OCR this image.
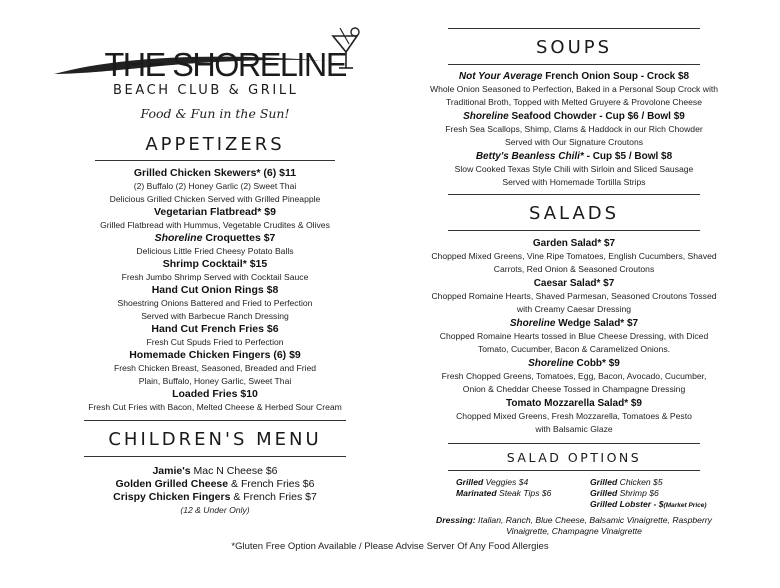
THE SHORELINE
BEACH CLUB & GRILL
Food & Fun in the Sun!
APPETIZERS
Grilled Chicken Skewers* (6) $11
(2) Buffalo (2) Honey Garlic (2) Sweet Thai
Delicious Grilled Chicken Served with Grilled Pineapple
Vegetarian Flatbread* $9
Grilled Flatbread with Hummus, Vegetable Crudites & Olives
Shoreline Croquettes $7
Delicious Little Fried Cheesy Potato Balls
Shrimp Cocktail* $15
Fresh Jumbo Shrimp Served with Cocktail Sauce
Hand Cut Onion Rings $8
Shoestring Onions Battered and Fried to Perfection
Served with Barbecue Ranch Dressing
Hand Cut French Fries $6
Fresh Cut Spuds Fried to Perfection
Homemade Chicken Fingers (6) $9
Fresh Chicken Breast, Seasoned, Breaded and Fried
Plain, Buffalo, Honey Garlic, Sweet Thai
Loaded Fries $10
Fresh Cut Fries with Bacon, Melted Cheese & Herbed Sour Cream
CHILDREN'S MENU
Jamie's Mac N Cheese $6
Golden Grilled Cheese & French Fries $6
Crispy Chicken Fingers & French Fries $7
(12 & Under Only)
SOUPS
Not Your Average French Onion Soup - Crock $8
Whole Onion Seasoned to Perfection, Baked in a Personal Soup Crock with
Traditional Broth, Topped with Melted Gruyere & Provolone Cheese
Shoreline Seafood Chowder - Cup $6 / Bowl $9
Fresh Sea Scallops, Shimp, Clams & Haddock in our Rich Chowder
Served with Our Signature Croutons
Betty's Beanless Chili* - Cup $5 / Bowl $8
Slow Cooked Texas Style Chili with Sirloin and Sliced Sausage
Served with Homemade Tortilla Strips
SALADS
Garden Salad* $7
Chopped Mixed Greens, Vine Ripe Tomatoes, English Cucumbers, Shaved
Carrots, Red Onion & Seasoned Croutons
Caesar Salad* $7
Chopped Romaine Hearts, Shaved Parmesan, Seasoned Croutons Tossed
with Creamy Caesar Dressing
Shoreline Wedge Salad* $7
Chopped Romaine Hearts tossed in Blue Cheese Dressing, with Diced
Tomato, Cucumber, Bacon & Caramelized Onions.
Shoreline Cobb* $9
Fresh Chopped Greens, Tomatoes, Egg, Bacon, Avocado, Cucumber,
Onion & Cheddar Cheese Tossed in Champagne Dressing
Tomato Mozzarella Salad* $9
Chopped Mixed Greens, Fresh Mozzarella, Tomatoes & Pesto
with Balsamic Glaze
SALAD OPTIONS
Grilled Veggies $4
Marinated Steak Tips $6
Grilled Chicken $5
Grilled Shrimp $6
Grilled Lobster - $(Market Price)
Dressing: Italian, Ranch, Blue Cheese, Balsamic Vinaigrette, Raspberry
Vinaigrette, Champagne Vinaigrette
*Gluten Free Option Available / Please Advise Server Of Any Food Allergies
